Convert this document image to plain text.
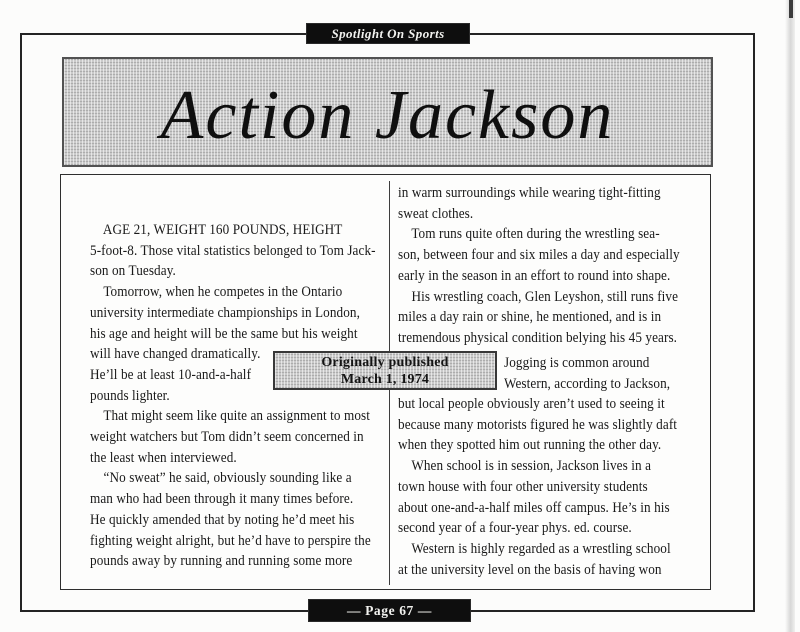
Spotlight On Sports
Action Jackson
AGE 21, WEIGHT 160 POUNDS, HEIGHT
5-foot-8. Those vital statistics belonged to Tom Jack-
son on Tuesday.
Tomorrow, when he competes in the Ontario
university intermediate championships in London,
his age and height will be the same but his weight
will have changed dramatically.
He’ll be at least 10-and-a-half
pounds lighter.
That might seem like quite an assignment to most
weight watchers but Tom didn’t seem concerned in
the least when interviewed.
“No sweat” he said, obviously sounding like a
man who had been through it many times before.
He quickly amended that by noting he’d meet his
fighting weight alright, but he’d have to perspire the
pounds away by running and running some more
in warm surroundings while wearing tight-fitting
sweat clothes.
Tom runs quite often during the wrestling sea-
son, between four and six miles a day and especially
early in the season in an effort to round into shape.
His wrestling coach, Glen Leyshon, still runs five
miles a day rain or shine, he mentioned, and is in
tremendous physical condition belying his 45 years.
Jogging is common around
Western, according to Jackson,
but local people obviously aren’t used to seeing it
because many motorists figured he was slightly daft
when they spotted him out running the other day.
When school is in session, Jackson lives in a
town house with four other university students
about one-and-a-half miles off campus. He’s in his
second year of a four-year phys. ed. course.
Western is highly regarded as a wrestling school
at the university level on the basis of having won
Originally published
March 1, 1974
— Page 67 —
